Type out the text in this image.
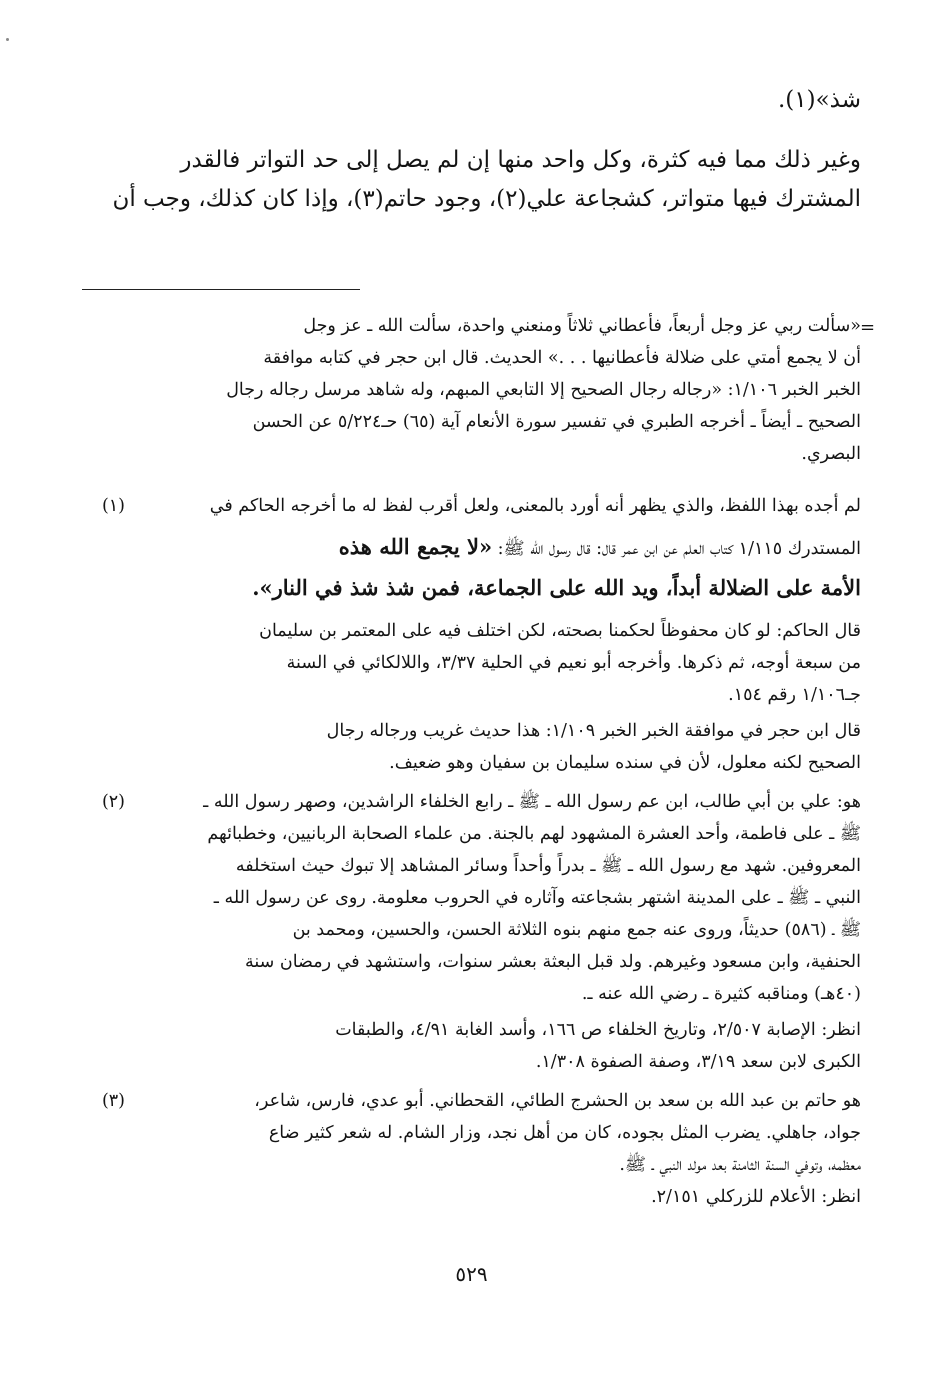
شذ»(١).
وغير ذلك مما فيه كثرة، وكل واحد منها إن لم يصل إلى حد التواتر فالقدر
المشترك فيها متواتر، كشجاعة علي(٢)، وجود حاتم(٣)، وإذا كان كذلك، وجب أن
=
«سألت ربي عز وجل أربعاً، فأعطاني ثلاثاً ومنعني واحدة، سألت الله ـ عز وجل
أن لا يجمع أمتي على ضلالة فأعطانيها . . .» الحديث. قال ابن حجر في كتابه موافقة
الخبر الخبر ١/١٠٦: «رجاله رجال الصحيح إلا التابعي المبهم، وله شاهد مرسل رجاله رجال
الصحيح ـ أيضاً ـ أخرجه الطبري في تفسير سورة الأنعام آية (٦٥) حـ٥/٢٢٤ عن الحسن
البصري.
(١)	لم أجده بهذا اللفظ، والذي يظهر أنه أورد بالمعنى، ولعل أقرب لفظ له ما أخرجه الحاكم في
المستدرك ١/١١٥ كتاب العلم عن ابن عمر قال: قال رسول الله ﷺ: «لا يجمع الله هذه
الأمة على الضلالة أبداً، ويد الله على الجماعة، فمن شذ شذ في النار».
قال الحاكم: لو كان محفوظاً لحكمنا بصحته، لكن اختلف فيه على المعتمر بن سليمان
من سبعة أوجه، ثم ذكرها. وأخرجه أبو نعيم في الحلية ٣/٣٧، واللالكائي في السنة
جـ١/١٠٦ رقم ١٥٤.
قال ابن حجر في موافقة الخبر الخبر ١/١٠٩: هذا حديث غريب ورجاله رجال
الصحيح لكنه معلول، لأن في سنده سليمان بن سفيان وهو ضعيف.
(٢)	هو: علي بن أبي طالب، ابن عم رسول الله ـ ﷺ ـ رابع الخلفاء الراشدين، وصهر رسول الله ـ
ﷺ ـ على فاطمة، وأحد العشرة المشهود لهم بالجنة. من علماء الصحابة الربانيين، وخطبائهم
المعروفين. شهد مع رسول الله ـ ﷺ ـ بدراً وأحداً وسائر المشاهد إلا تبوك حيث استخلفه
النبي ـ ﷺ ـ على المدينة اشتهر بشجاعته وآثاره في الحروب معلومة. روى عن رسول الله ـ
ﷺ ـ (٥٨٦) حديثاً، وروى عنه جمع منهم بنوه الثلاثة الحسن، والحسين، ومحمد بن
الحنفية، وابن مسعود وغيرهم. ولد قبل البعثة بعشر سنوات، واستشهد في رمضان سنة
(٤٠هـ) ومناقبه كثيرة ـ رضي الله عنه ـ.
انظر: الإصابة ٢/٥٠٧، وتاريخ الخلفاء ص ١٦٦، وأسد الغابة ٤/٩١، والطبقات
الكبرى لابن سعد ٣/١٩، وصفة الصفوة ١/٣٠٨.
(٣)	هو حاتم بن عبد الله بن سعد بن الحشرج الطائي، القحطاني. أبو عدي، فارس، شاعر،
جواد، جاهلي. يضرب المثل بجوده، كان من أهل نجد، وزار الشام. له شعر كثير ضاع
معظمه، وتوفي السنة الثامنة بعد مولد النبي ـ ﷺ.
انظر: الأعلام للزركلي ٢/١٥١.
٥٢٩
